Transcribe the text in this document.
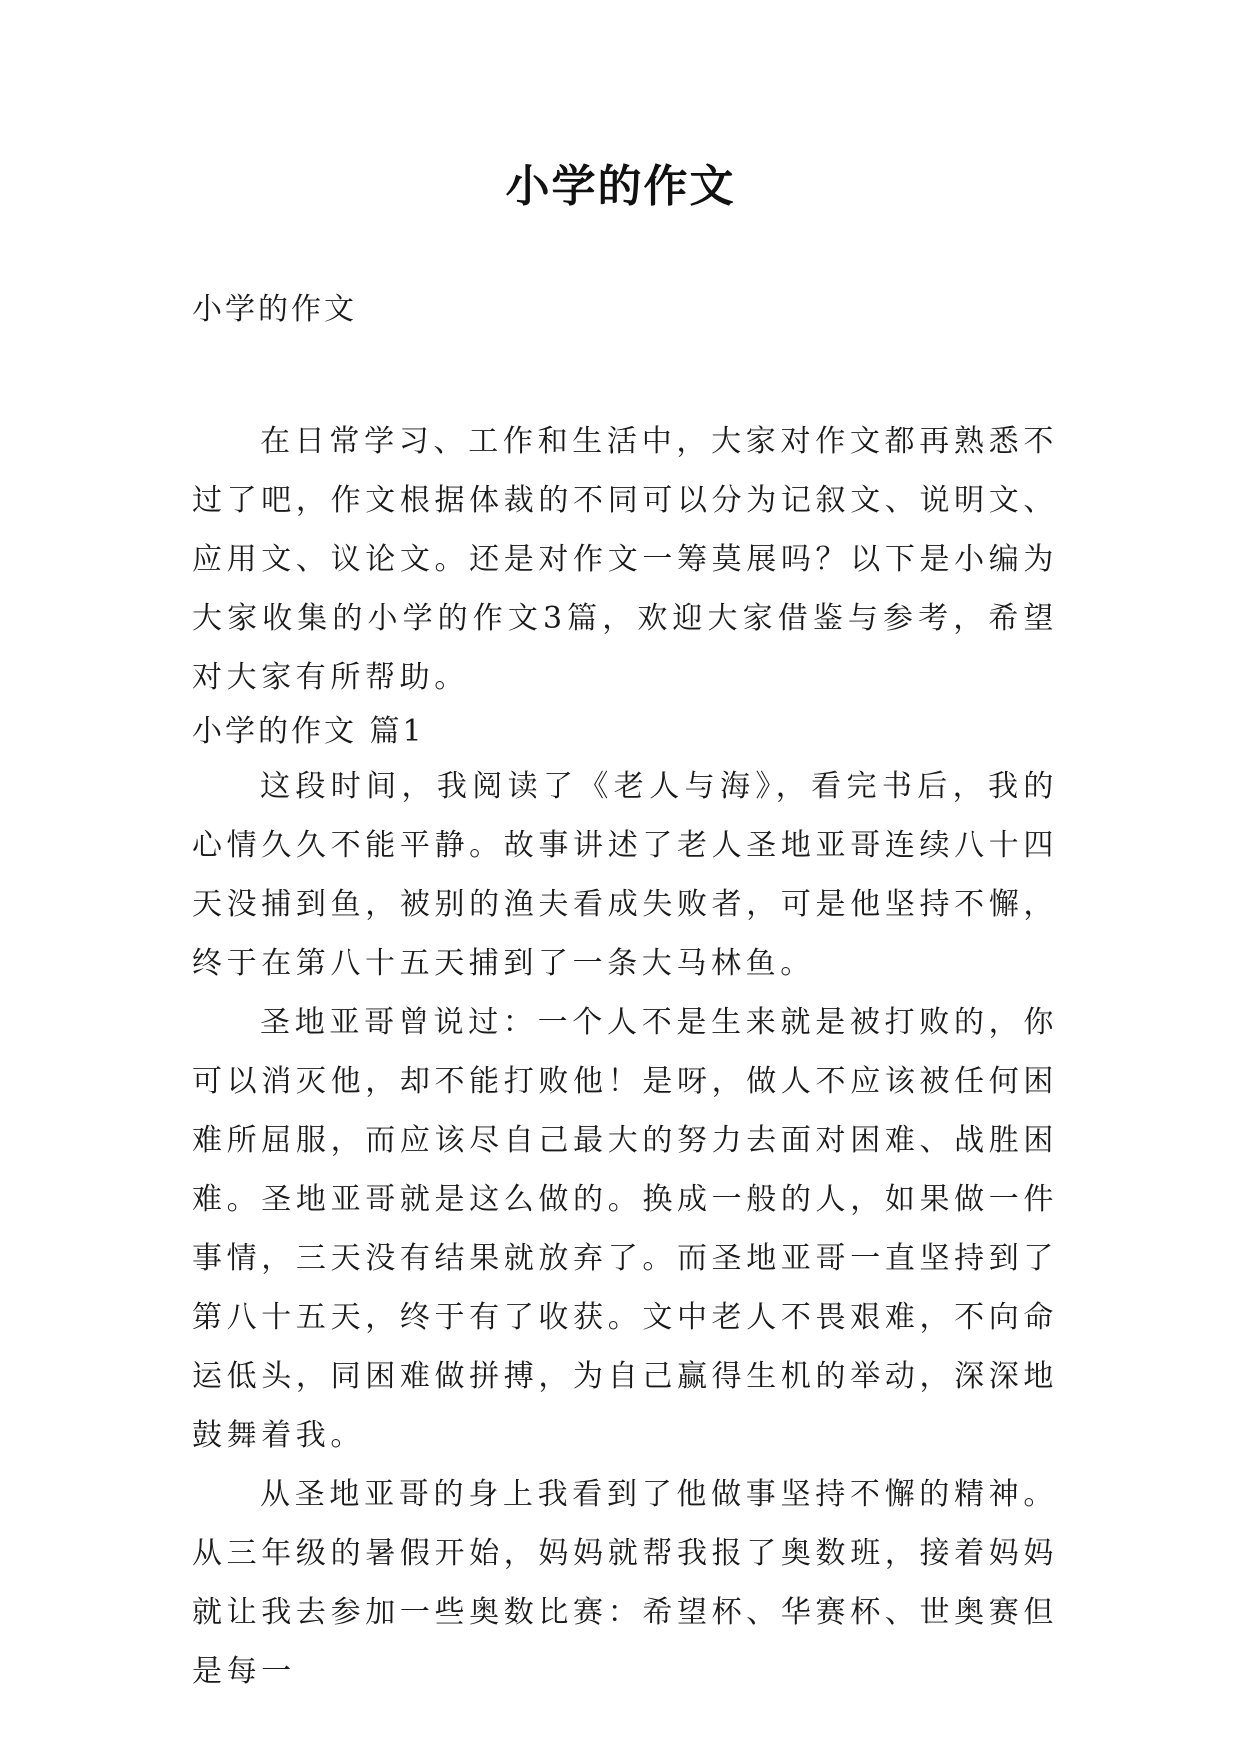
小学的作文

小学的作文

在日常学习、工作和生活中，大家对作文都再熟悉不过了吧，作文根据体裁的不同可以分为记叙文、说明文、应用文、议论文。还是对作文一筹莫展吗？以下是小编为大家收集的小学的作文3篇，欢迎大家借鉴与参考，希望对大家有所帮助。

小学的作文 篇1

这段时间，我阅读了《老人与海》，看完书后，我的心情久久不能平静。故事讲述了老人圣地亚哥连续八十四天没捕到鱼，被别的渔夫看成失败者，可是他坚持不懈，终于在第八十五天捕到了一条大马林鱼。

圣地亚哥曾说过：一个人不是生来就是被打败的，你可以消灭他，却不能打败他！是呀，做人不应该被任何困难所屈服，而应该尽自己最大的努力去面对困难、战胜困难。圣地亚哥就是这么做的。换成一般的人，如果做一件事情，三天没有结果就放弃了。而圣地亚哥一直坚持到了第八十五天，终于有了收获。文中老人不畏艰难，不向命运低头，同困难做拼搏，为自己赢得生机的举动，深深地鼓舞着我。

从圣地亚哥的身上我看到了他做事坚持不懈的精神。从三年级的暑假开始，妈妈就帮我报了奥数班，接着妈妈就让我去参加一些奥数比赛：希望杯、华赛杯、世奥赛但是每一
